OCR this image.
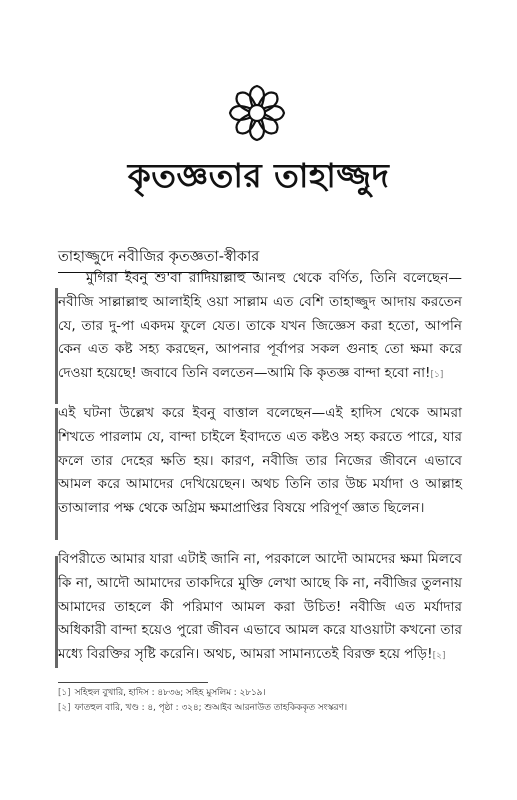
কৃতজ্ঞতার তাহাজ্জুদ
তাহাজ্জুদে নবীজির কৃতজ্ঞতা-স্বীকার

মুগিরা ইবনু শু'বা রাদিয়াল্লাহু আনহু থেকে বর্ণিত, তিনি বলেছেন—নবীজি সাল্লাল্লাহু আলাইহি ওয়া সাল্লাম এত বেশি তাহাজ্জুদ আদায় করতেন যে, তার দু-পা একদম ফুলে যেত। তাকে যখন জিজ্ঞেস করা হতো, আপনি কেন এত কষ্ট সহ্য করছেন, আপনার পূর্বাপর সকল গুনাহ তো ক্ষমা করে দেওয়া হয়েছে! জবাবে তিনি বলতেন—আমি কি কৃতজ্ঞ বান্দা হবো না![১]

এই ঘটনা উল্লেখ করে ইবনু বাত্তাল বলেছেন—এই হাদিস থেকে আমরা শিখতে পারলাম যে, বান্দা চাইলে ইবাদতে এত কষ্টও সহ্য করতে পারে, যার ফলে তার দেহের ক্ষতি হয়। কারণ, নবীজি তার নিজের জীবনে এভাবে আমল করে আমাদের দেখিয়েছেন। অথচ তিনি তার উচ্চ মর্যাদা ও আল্লাহ তাআলার পক্ষ থেকে অগ্রিম ক্ষমাপ্রাপ্তির বিষয়ে পরিপূর্ণ জ্ঞাত ছিলেন।

বিপরীতে আমার যারা এটাই জানি না, পরকালে আদৌ আমদের ক্ষমা মিলবে কি না, আদৌ আমাদের তাকদিরে মুক্তি লেখা আছে কি না, নবীজির তুলনায় আমাদের তাহলে কী পরিমাণ আমল করা উচিত! নবীজি এত মর্যাদার অধিকারী বান্দা হয়েও পুরো জীবন এভাবে আমল করে যাওয়াটা কখনো তার মধ্যে বিরক্তির সৃষ্টি করেনি। অথচ, আমরা সামান্যতেই বিরক্ত হয়ে পড়ি![২]

[১] সহিহুল বুখারি, হাদিস : ৪৮৩৬; সহিহ মুসলিম : ২৮১৯।
[২] ফাতহুল বারি, খণ্ড : ৪, পৃষ্ঠা : ৩২৪; শুআইব আরনাউত তাহকিককৃত সংস্করণ।
